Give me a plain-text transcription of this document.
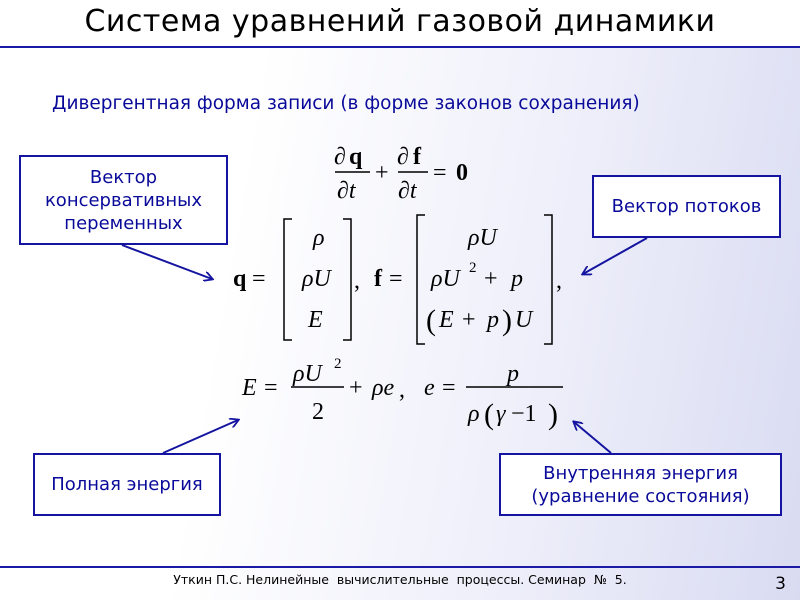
Система уравнений газовой динамики
Дивергентная форма записи (в форме законов сохранения)
∂ q
∂t
+
∂ f
∂t
= 0
q =
ρ
ρU
E
, f =
ρU
ρU 2 + p
( E + p ) U
,
E =
ρU 2
2
+ ρe , e =
p
ρ ( γ −1 )
Вектор консервативных переменных
Вектор потоков
Полная энергия
Внутренняя энергия (уравнение состояния)
Уткин П.С. Нелинейные  вычислительные  процессы. Семинар  №  5.	3
